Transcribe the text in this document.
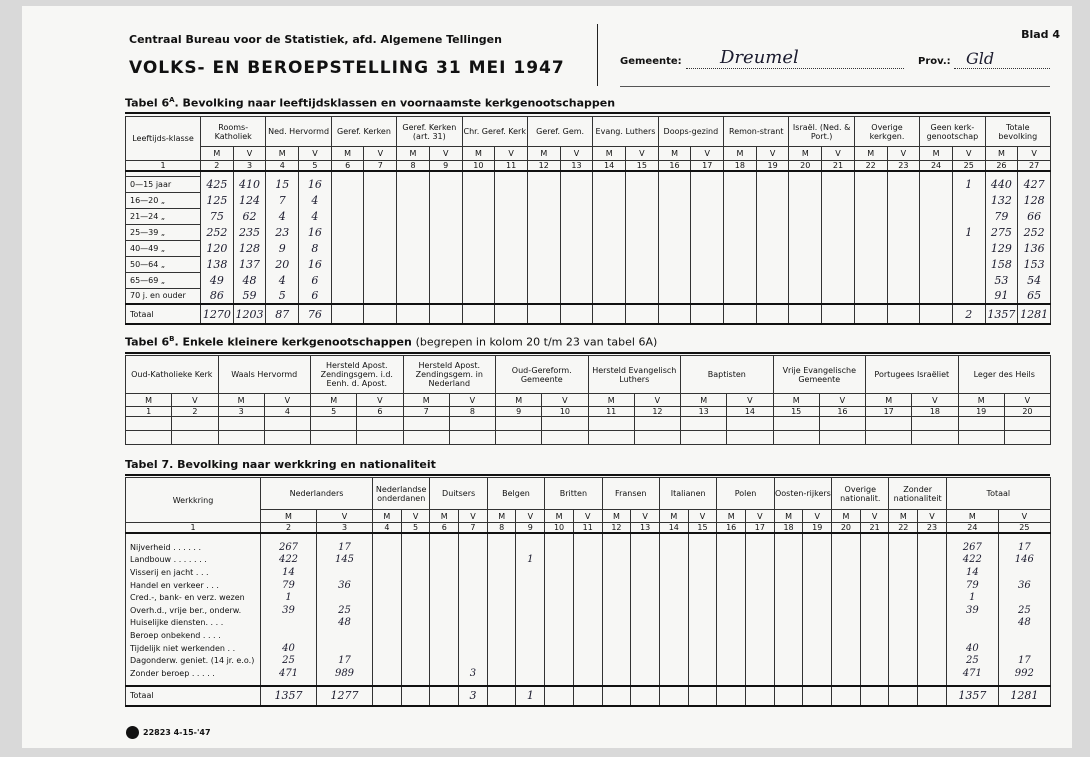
Centraal Bureau voor de Statistiek, afd. Algemene Tellingen
VOLKS- EN BEROEPSTELLING 31 MEI 1947
Blad 4
Gemeente: Dreumel	Prov.: Gld
Tabel $6^A$. Bevolking naar leeftijdsklassen en voornaamste kerkgenootschappen
Leeftijds-klasse	Rooms-Katholiek		Ned. Hervormd		Geref. Kerken		Geref. Kerken (art. 31)		Chr. Geref. Kerk		Geref. Gem.		Evang. Luthers		Doops-gezind		Remon-strant		Israël. (Ned. & Port.)		Overige kerkgen.		Geen kerk-genootschap		Totale bevolking	
	M	V	M	V	M	V	M	V	M	V	M	V	M	V	M	V	M	V	M	V	M	V	M	V	M	V
1	2	3	4	5	6	7	8	9	10	11	12	13	14	15	16	17	18	19	20	21	22	23	24	25	26	27

0—15 jaar	425	410	15	16																				1	440	427
16—20 „	125	124	7	4																					132	128
21—24 „	75	62	4	4																					79	66
25—39 „	252	235	23	16																				1	275	252
40—49 „	120	128	9	8																					129	136
50—64 „	138	137	20	16																					158	153
65—69 „	49	48	4	6																					53	54
70 j. en ouder	86	59	5	6																					91	65
Totaal	1270	1203	87	76																				2	1357	1281
Tabel $6^B$. Enkele kleinere kerkgenootschappen (begrepen in kolom 20 t/m 23 van tabel 6A)
Oud-Katholieke Kerk		Waals Hervormd		Hersteld Apost. Zendingsgem. i.d. Eenh. d. Apost.		Hersteld Apost. Zendingsgem. in Nederland		Oud-Gereform. Gemeente		Hersteld Evangelisch Luthers		Baptisten		Vrije Evangelische Gemeente		Portugees Israëliet		Leger des Heils	
M	V	M	V	M	V	M	V	M	V	M	V	M	V	M	V	M	V	M	V
1	2	3	4	5	6	7	8	9	10	11	12	13	14	15	16	17	18	19	20

Tabel 7. Bevolking naar werkkring en nationaliteit
Werkkring	Nederlanders		Nederlandse onderdanen		Duitsers		Belgen		Britten		Fransen		Italianen		Polen		Oosten-rijkers		Overige nationalit.		Zonder nationaliteit		Totaal	
	M	V	M	V	M	V	M	V	M	V	M	V	M	V	M	V	M	V	M	V	M	V	M	V
1	2	3	4	5	6	7	8	9	10	11	12	13	14	15	16	17	18	19	20	21	22	23	24	25

Nijverheid . . . . . .	267	17																					267	17
Landbouw . . . . . . .	422	145						1															422	146
Visserij en jacht . . .	14																						14	
Handel en verkeer . . .	79	36																					79	36
Cred.-, bank- en verz. wezen	1																						1	
Overh.d., vrije ber., onderw.	39	25																					39	25
Huiselijke diensten. . . .		48																						48
Beroep onbekend . . . .																								
Tijdelijk niet werkenden . .	40																						40	
Dagonderw. geniet. (14 jr. e.o.)	25	17																					25	17
Zonder beroep . . . . .	471	989				3																	471	992

Totaal	1357	1277				3		1															1357	1281
22823 4-15-'47
